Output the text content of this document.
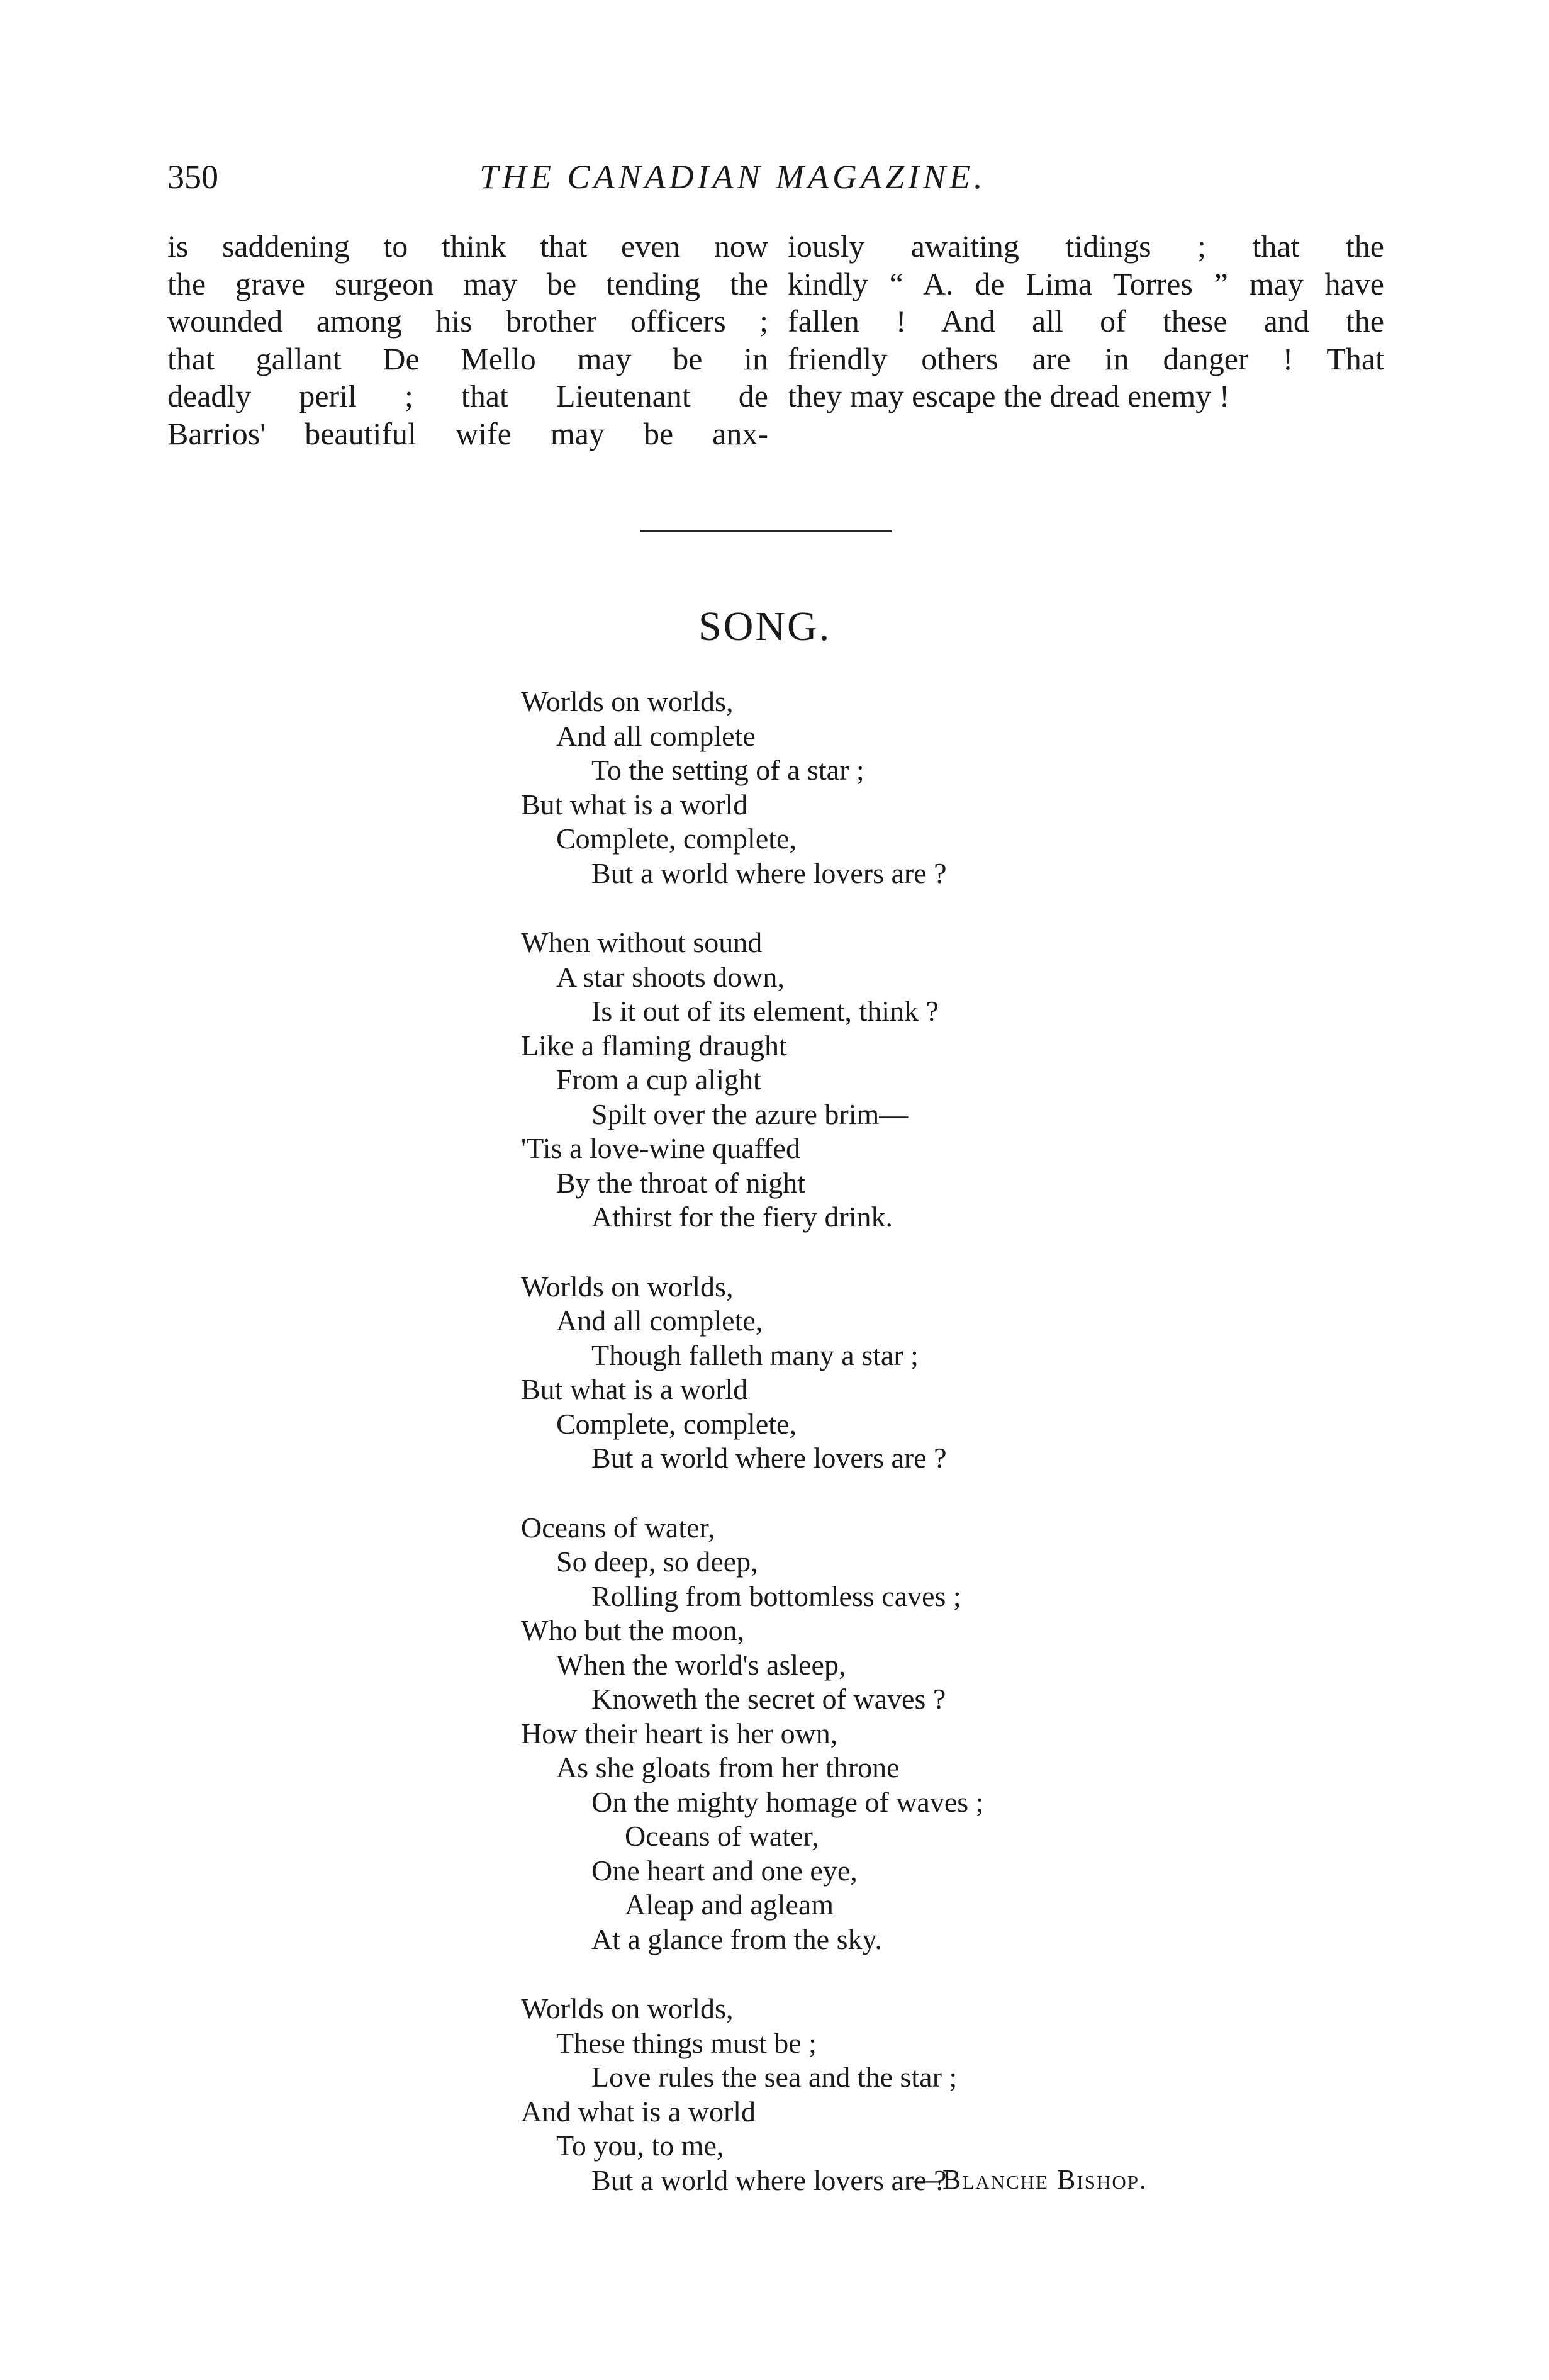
350	THE CANADIAN MAGAZINE.
is saddening to think that even now
the grave surgeon may be tending the
wounded among his brother officers ;
that gallant De Mello may be in
deadly peril ; that Lieutenant de
Barrios' beautiful wife may be anx-
iously awaiting tidings ; that the
kindly “ A. de Lima Torres ” may have
fallen ! And all of these and the
friendly others are in danger ! That
they may escape the dread enemy !
SONG.
Worlds on worlds,
And all complete
To the setting of a star ;
But what is a world
Complete, complete,
But a world where lovers are ?
When without sound
A star shoots down,
Is it out of its element, think ?
Like a flaming draught
From a cup alight
Spilt over the azure brim—
'Tis a love-wine quaffed
By the throat of night
Athirst for the fiery drink.
Worlds on worlds,
And all complete,
Though falleth many a star ;
But what is a world
Complete, complete,
But a world where lovers are ?
Oceans of water,
So deep, so deep,
Rolling from bottomless caves ;
Who but the moon,
When the world's asleep,
Knoweth the secret of waves ?
How their heart is her own,
As she gloats from her throne
On the mighty homage of waves ;
Oceans of water,
One heart and one eye,
Aleap and agleam
At a glance from the sky.
Worlds on worlds,
These things must be ;
Love rules the sea and the star ;
And what is a world
To you, to me,
But a world where lovers are ?
—Blanche Bishop.
